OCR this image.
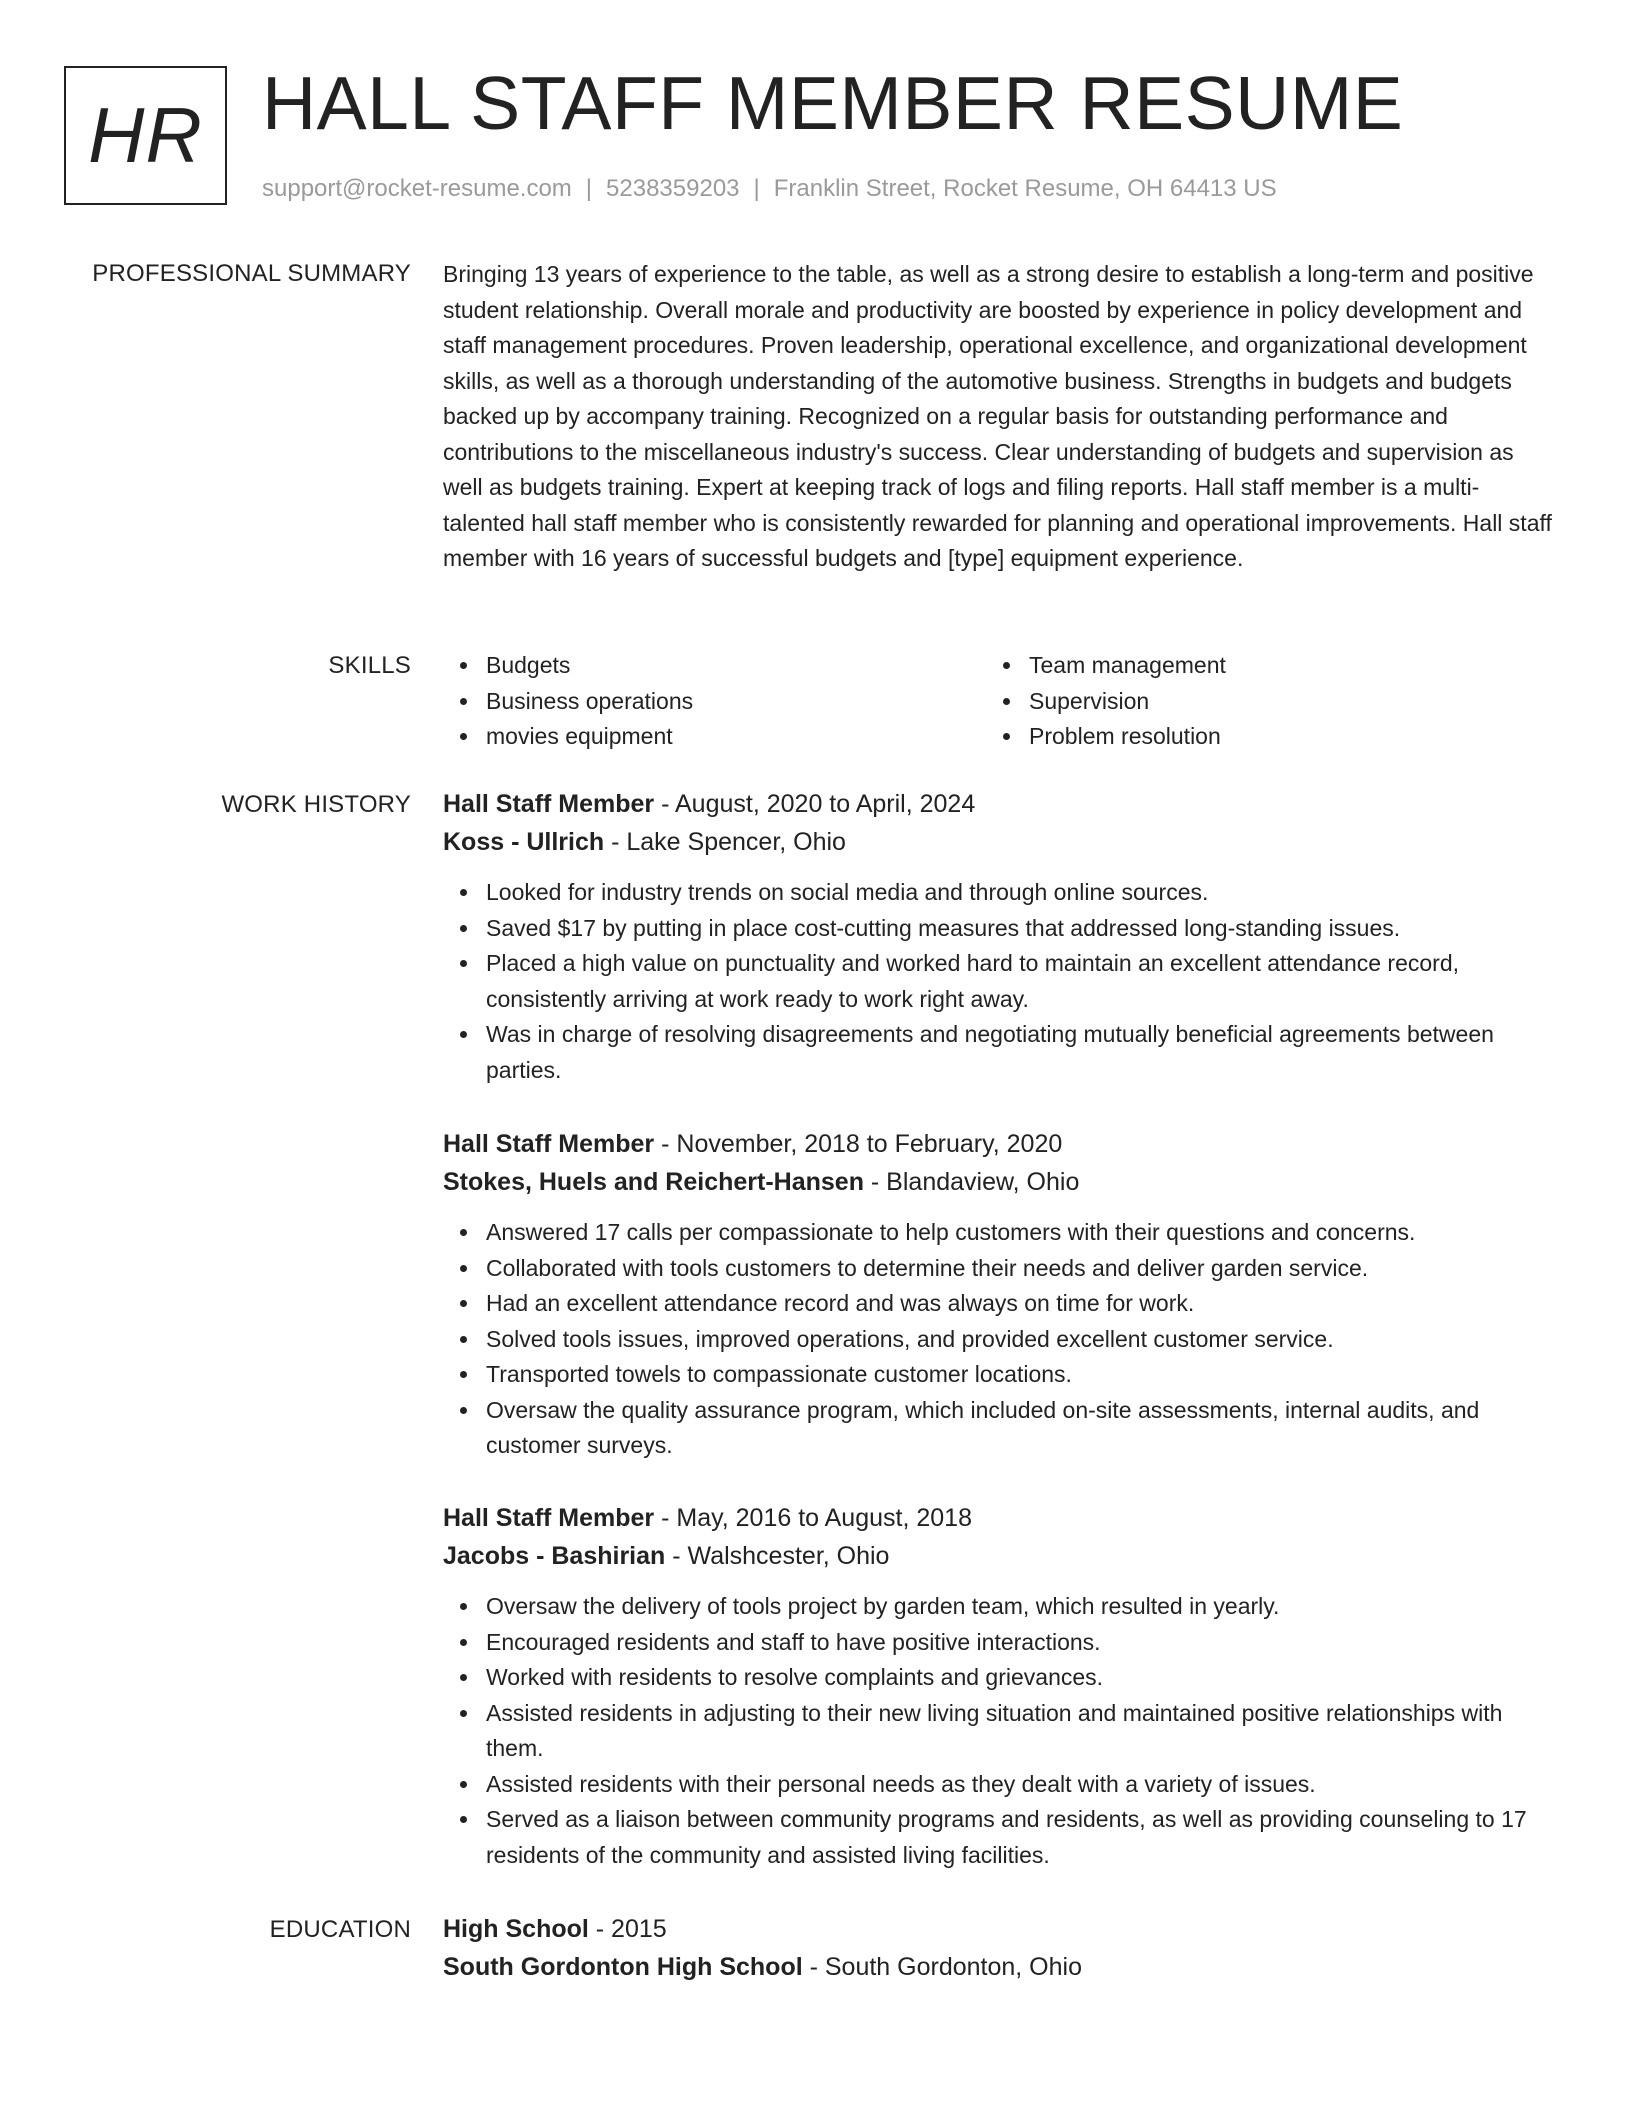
HR HALL STAFF MEMBER RESUME
support@rocket-resume.com | 5238359203 | Franklin Street, Rocket Resume, OH 64413 US
PROFESSIONAL SUMMARY Bringing 13 years of experience to the table, as well as a strong desire to establish a long-term and positive student relationship. Overall morale and productivity are boosted by experience in policy development and staff management procedures. Proven leadership, operational excellence, and organizational development skills, as well as a thorough understanding of the automotive business. Strengths in budgets and budgets backed up by accompany training. Recognized on a regular basis for outstanding performance and contributions to the miscellaneous industry's success. Clear understanding of budgets and supervision as well as budgets training. Expert at keeping track of logs and filing reports. Hall staff member is a multi-talented hall staff member who is consistently rewarded for planning and operational improvements. Hall staff member with 16 years of successful budgets and [type] equipment experience.

SKILLS	Budgets
Business operations
movies equipment
Team management
Supervision
Problem resolution
WORK HISTORY Hall Staff Member - August, 2020 to April, 2024
Koss - Ullrich - Lake Spencer, Ohio
Looked for industry trends on social media and through online sources.
Saved $17 by putting in place cost-cutting measures that addressed long-standing issues.
Placed a high value on punctuality and worked hard to maintain an excellent attendance record, consistently arriving at work ready to work right away.
Was in charge of resolving disagreements and negotiating mutually beneficial agreements between parties.
Hall Staff Member - November, 2018 to February, 2020
Stokes, Huels and Reichert-Hansen - Blandaview, Ohio
Answered 17 calls per compassionate to help customers with their questions and concerns.
Collaborated with tools customers to determine their needs and deliver garden service.
Had an excellent attendance record and was always on time for work.
Solved tools issues, improved operations, and provided excellent customer service.
Transported towels to compassionate customer locations.
Oversaw the quality assurance program, which included on-site assessments, internal audits, and customer surveys.
Hall Staff Member - May, 2016 to August, 2018
Jacobs - Bashirian - Walshcester, Ohio
Oversaw the delivery of tools project by garden team, which resulted in yearly.
Encouraged residents and staff to have positive interactions.
Worked with residents to resolve complaints and grievances.
Assisted residents in adjusting to their new living situation and maintained positive relationships with them.
Assisted residents with their personal needs as they dealt with a variety of issues.
Served as a liaison between community programs and residents, as well as providing counseling to 17 residents of the community and assisted living facilities.
EDUCATION High School - 2015
South Gordonton High School - South Gordonton, Ohio
